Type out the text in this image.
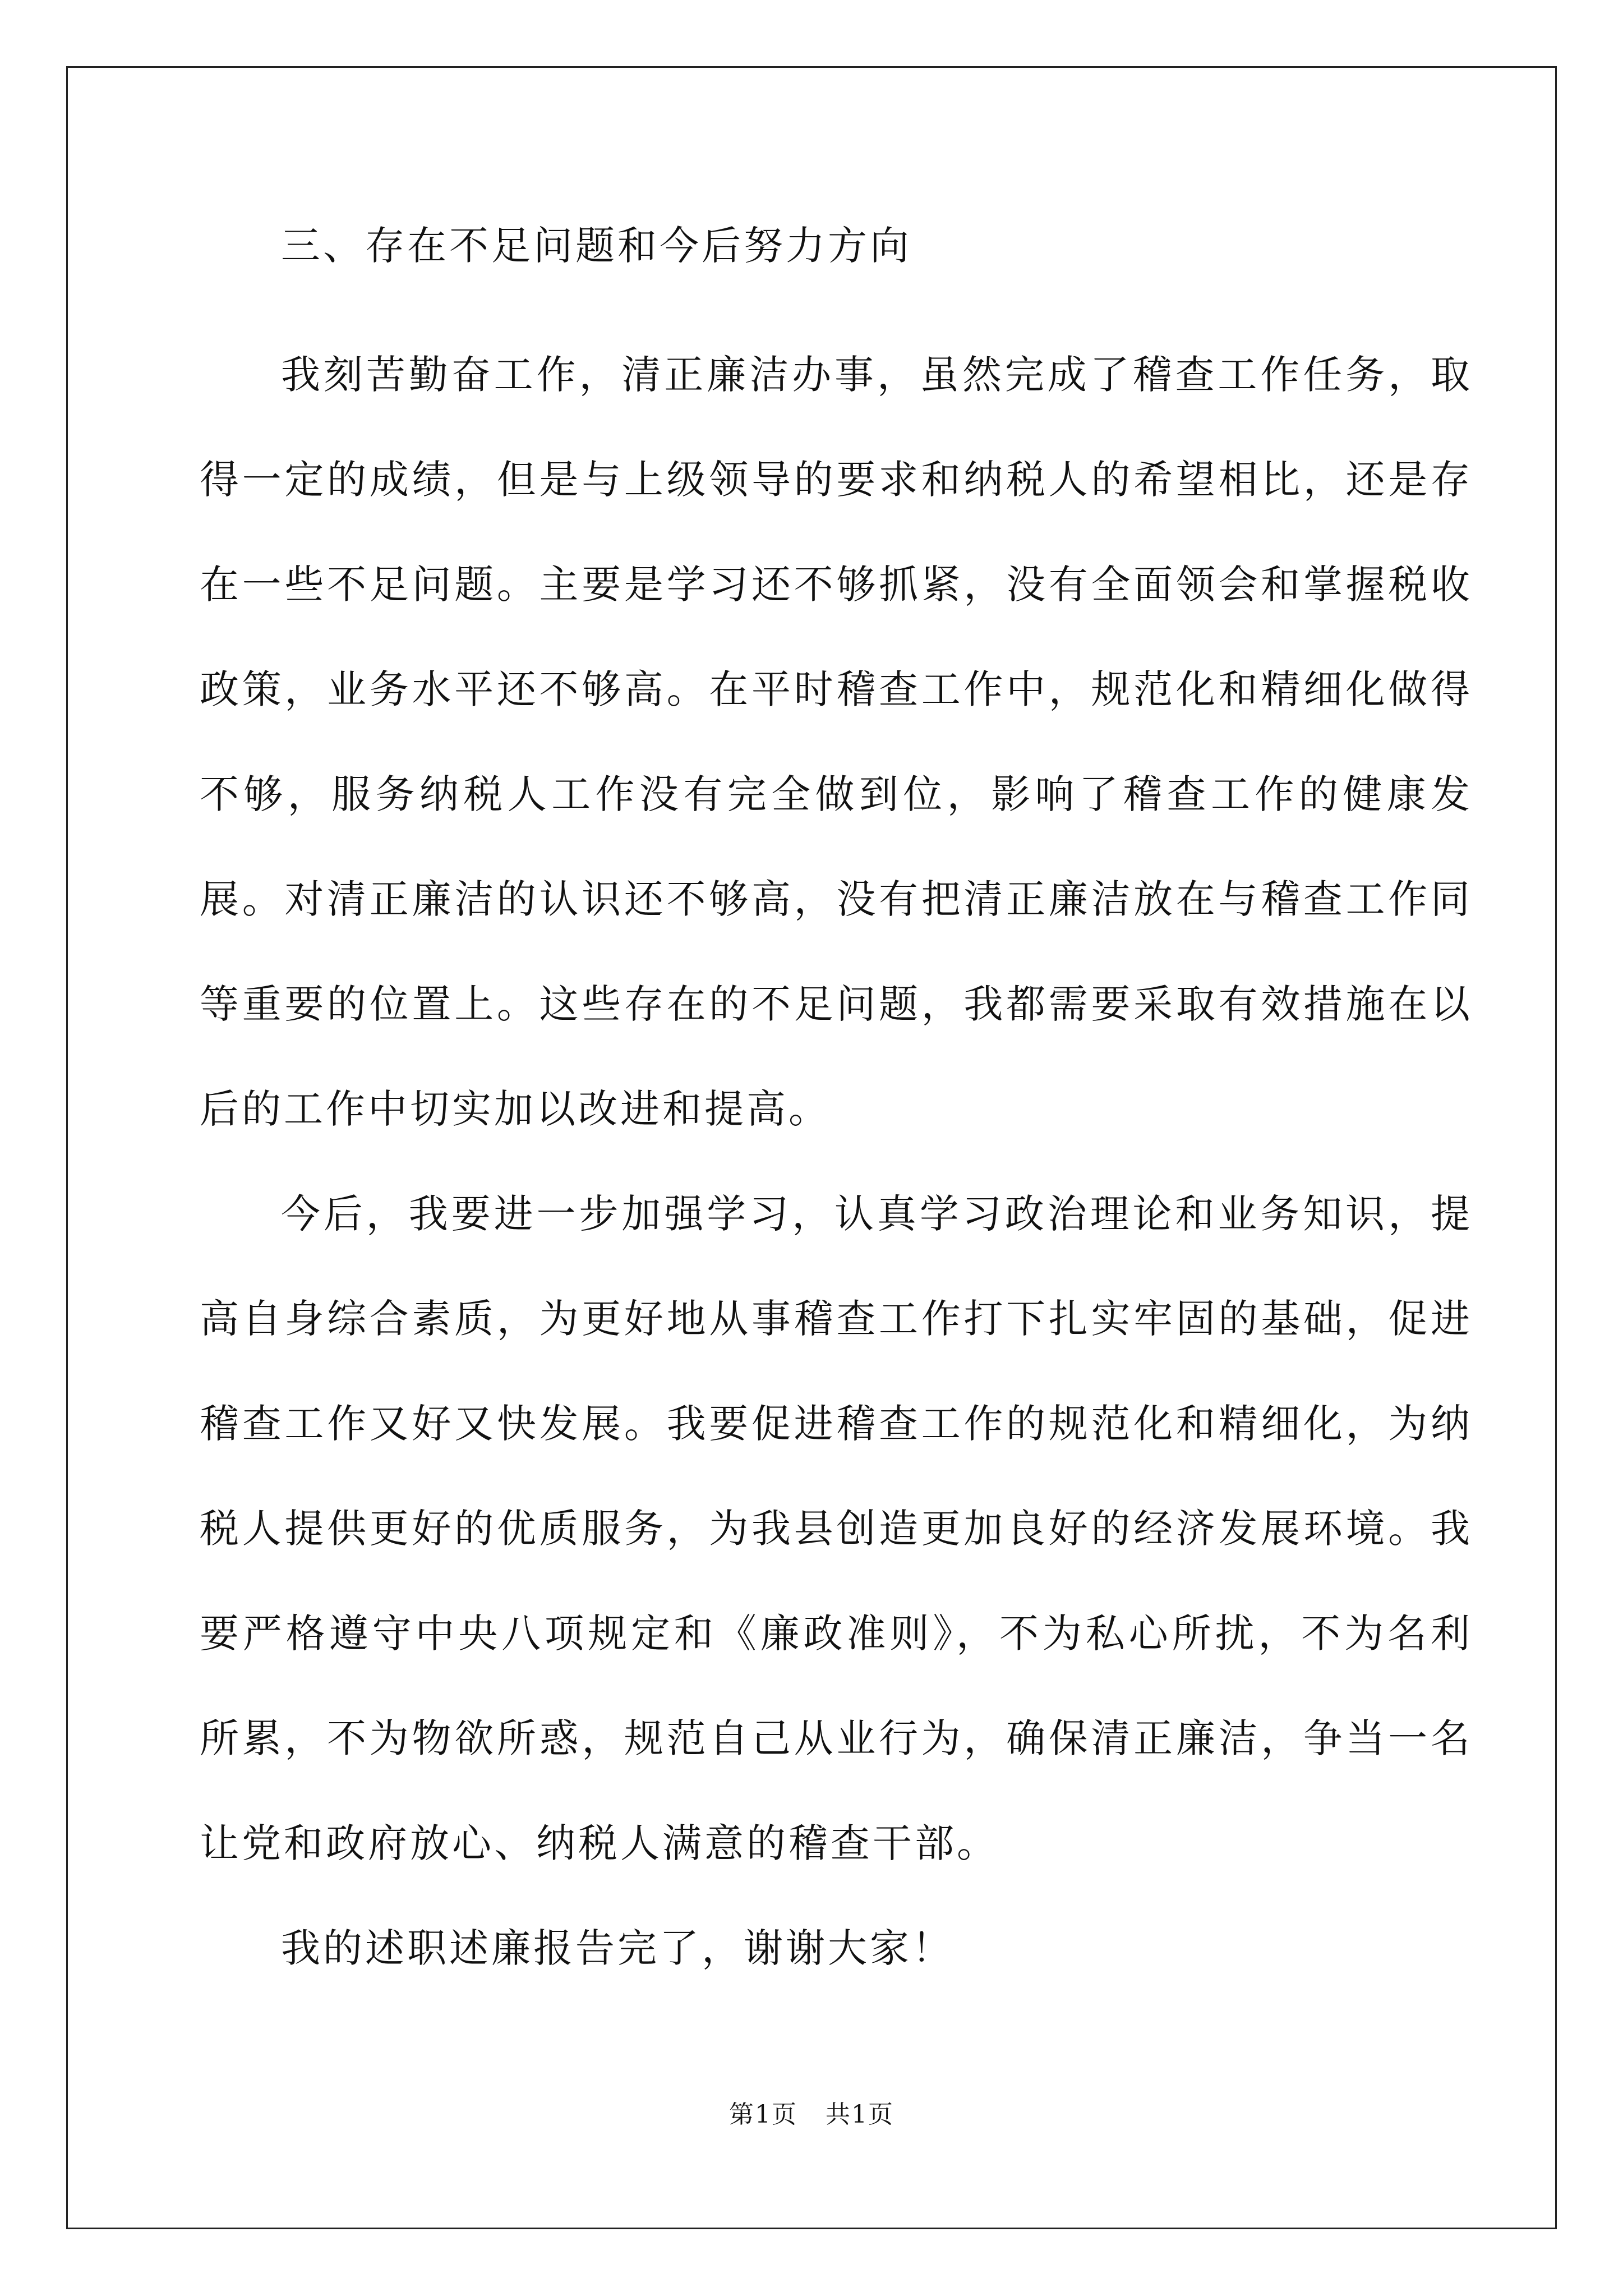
三、存在不足问题和今后努力方向

我刻苦勤奋工作，清正廉洁办事，虽然完成了稽查工作任务，取得一定的成绩，但是与上级领导的要求和纳税人的希望相比，还是存在一些不足问题。主要是学习还不够抓紧，没有全面领会和掌握税收政策，业务水平还不够高。在平时稽查工作中，规范化和精细化做得不够，服务纳税人工作没有完全做到位，影响了稽查工作的健康发展。对清正廉洁的认识还不够高，没有把清正廉洁放在与稽查工作同等重要的位置上。这些存在的不足问题，我都需要采取有效措施在以后的工作中切实加以改进和提高。

今后，我要进一步加强学习，认真学习政治理论和业务知识，提高自身综合素质，为更好地从事稽查工作打下扎实牢固的基础，促进稽查工作又好又快发展。我要促进稽查工作的规范化和精细化，为纳税人提供更好的优质服务，为我县创造更加良好的经济发展环境。我要严格遵守中央八项规定和《廉政准则》，不为私心所扰，不为名利所累，不为物欲所惑，规范自己从业行为，确保清正廉洁，争当一名让党和政府放心、纳税人满意的稽查干部。

我的述职述廉报告完了，谢谢大家！

第1页 共1页
